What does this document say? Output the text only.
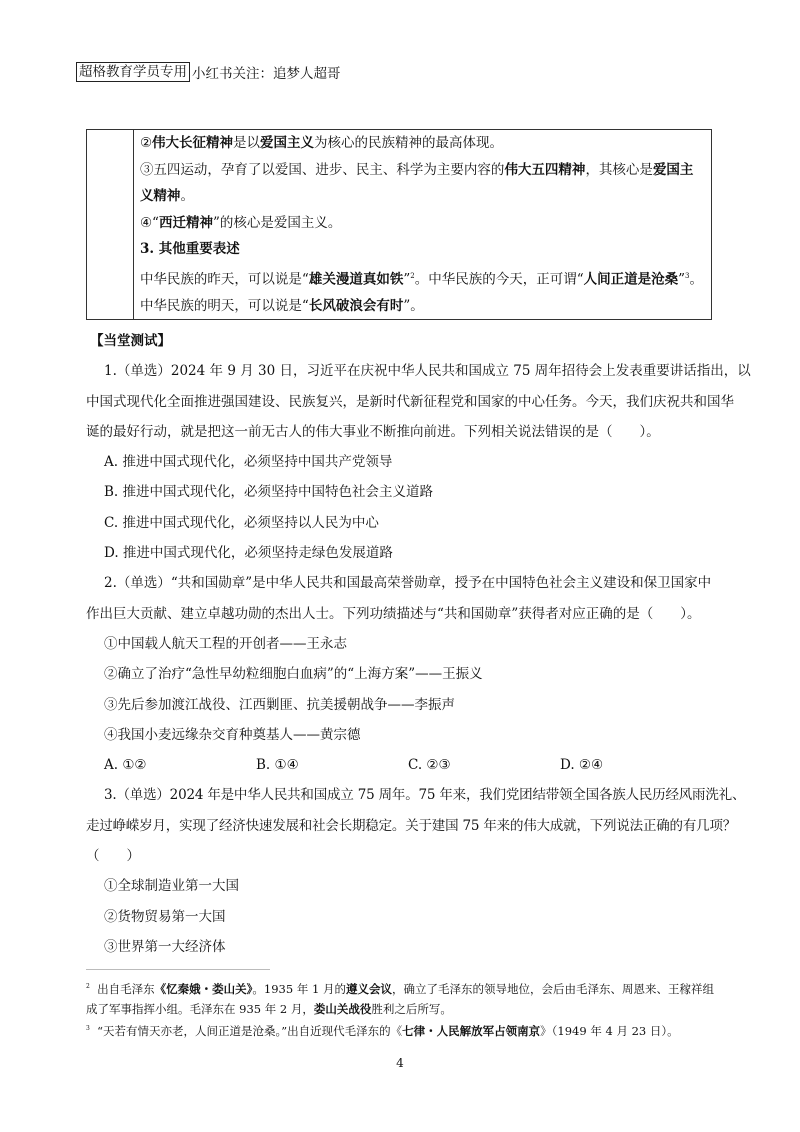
超格教育学员专用 小红书关注：追梦人超哥
②伟大长征精神是以爱国主义为核心的民族精神的最高体现。
③五四运动，孕育了以爱国、进步、民主、科学为主要内容的伟大五四精神，其核心是爱国主
义精神。
④“西迁精神”的核心是爱国主义。
3. 其他重要表述
中华民族的昨天，可以说是“雄关漫道真如铁”$^2$。中华民族的今天，正可谓“人间正道是沧桑”$^3$。
中华民族的明天，可以说是“长风破浪会有时”。
【当堂测试】
1.（单选）2024 年 9 月 30 日，习近平在庆祝中华人民共和国成立 75 周年招待会上发表重要讲话指出，以
中国式现代化全面推进强国建设、民族复兴，是新时代新征程党和国家的中心任务。今天，我们庆祝共和国华
诞的最好行动，就是把这一前无古人的伟大事业不断推向前进。下列相关说法错误的是（　　）。
A. 推进中国式现代化，必须坚持中国共产党领导
B. 推进中国式现代化，必须坚持中国特色社会主义道路
C. 推进中国式现代化，必须坚持以人民为中心
D. 推进中国式现代化，必须坚持走绿色发展道路
2.（单选）“共和国勋章”是中华人民共和国最高荣誉勋章，授予在中国特色社会主义建设和保卫国家中
作出巨大贡献、建立卓越功勋的杰出人士。下列功绩描述与“共和国勋章”获得者对应正确的是（　　）。
①中国载人航天工程的开创者——王永志
②确立了治疗“急性早幼粒细胞白血病”的“上海方案”——王振义
③先后参加渡江战役、江西剿匪、抗美援朝战争——李振声
④我国小麦远缘杂交育种奠基人——黄宗德
A. ①②	B. ①④	C. ②③	D. ②④
3.（单选）2024 年是中华人民共和国成立 75 周年。75 年来，我们党团结带领全国各族人民历经风雨洗礼、
走过峥嵘岁月，实现了经济快速发展和社会长期稳定。关于建国 75 年来的伟大成就，下列说法正确的有几项？
（　　）
①全球制造业第一大国
②货物贸易第一大国
③世界第一大经济体
$^2$ 出自毛泽东《忆秦娥・娄山关》。1935 年 1 月的遵义会议，确立了毛泽东的领导地位，会后由毛泽东、周恩来、王稼祥组
成了军事指挥小组。毛泽东在 935 年 2 月，娄山关战役胜利之后所写。
$^3$ “天若有情天亦老，人间正道是沧桑。”出自近现代毛泽东的《七律・人民解放军占领南京》（1949 年 4 月 23 日）。
4
